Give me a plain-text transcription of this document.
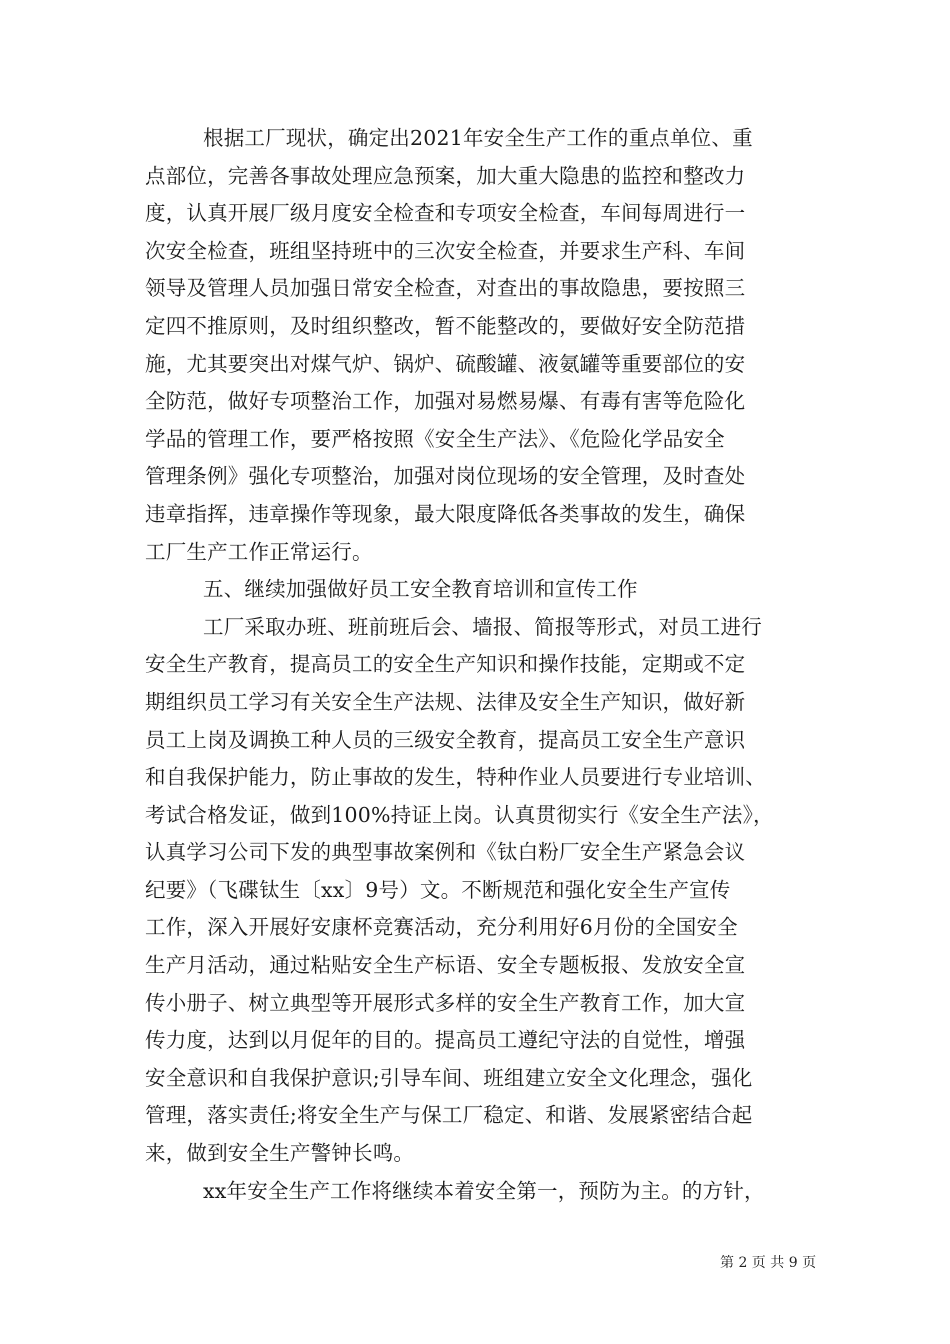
根据工厂现状，确定出2021年安全生产工作的重点单位、重
点部位，完善各事故处理应急预案，加大重大隐患的监控和整改力
度，认真开展厂级月度安全检查和专项安全检查，车间每周进行一
次安全检查，班组坚持班中的三次安全检查，并要求生产科、车间
领导及管理人员加强日常安全检查，对查出的事故隐患，要按照三
定四不推原则，及时组织整改，暂不能整改的，要做好安全防范措
施，尤其要突出对煤气炉、锅炉、硫酸罐、液氨罐等重要部位的安
全防范，做好专项整治工作，加强对易燃易爆、有毒有害等危险化
学品的管理工作，要严格按照《安全生产法》、《危险化学品安全
管理条例》强化专项整治，加强对岗位现场的安全管理，及时查处
违章指挥，违章操作等现象，最大限度降低各类事故的发生，确保
工厂生产工作正常运行。
五、继续加强做好员工安全教育培训和宣传工作
工厂采取办班、班前班后会、墙报、简报等形式，对员工进行
安全生产教育，提高员工的安全生产知识和操作技能，定期或不定
期组织员工学习有关安全生产法规、法律及安全生产知识，做好新
员工上岗及调换工种人员的三级安全教育，提高员工安全生产意识
和自我保护能力，防止事故的发生，特种作业人员要进行专业培训、
考试合格发证，做到100%持证上岗。认真贯彻实行《安全生产法》，
认真学习公司下发的典型事故案例和《钛白粉厂安全生产紧急会议
纪要》（飞碟钛生〔xx〕9号）文。不断规范和强化安全生产宣传
工作，深入开展好安康杯竞赛活动，充分利用好6月份的全国安全
生产月活动，通过粘贴安全生产标语、安全专题板报、发放安全宣
传小册子、树立典型等开展形式多样的安全生产教育工作，加大宣
传力度，达到以月促年的目的。提高员工遵纪守法的自觉性，增强
安全意识和自我保护意识;引导车间、班组建立安全文化理念，强化
管理，落实责任;将安全生产与保工厂稳定、和谐、发展紧密结合起
来，做到安全生产警钟长鸣。
xx年安全生产工作将继续本着安全第一，预防为主。的方针，
第 2 页 共 9 页
